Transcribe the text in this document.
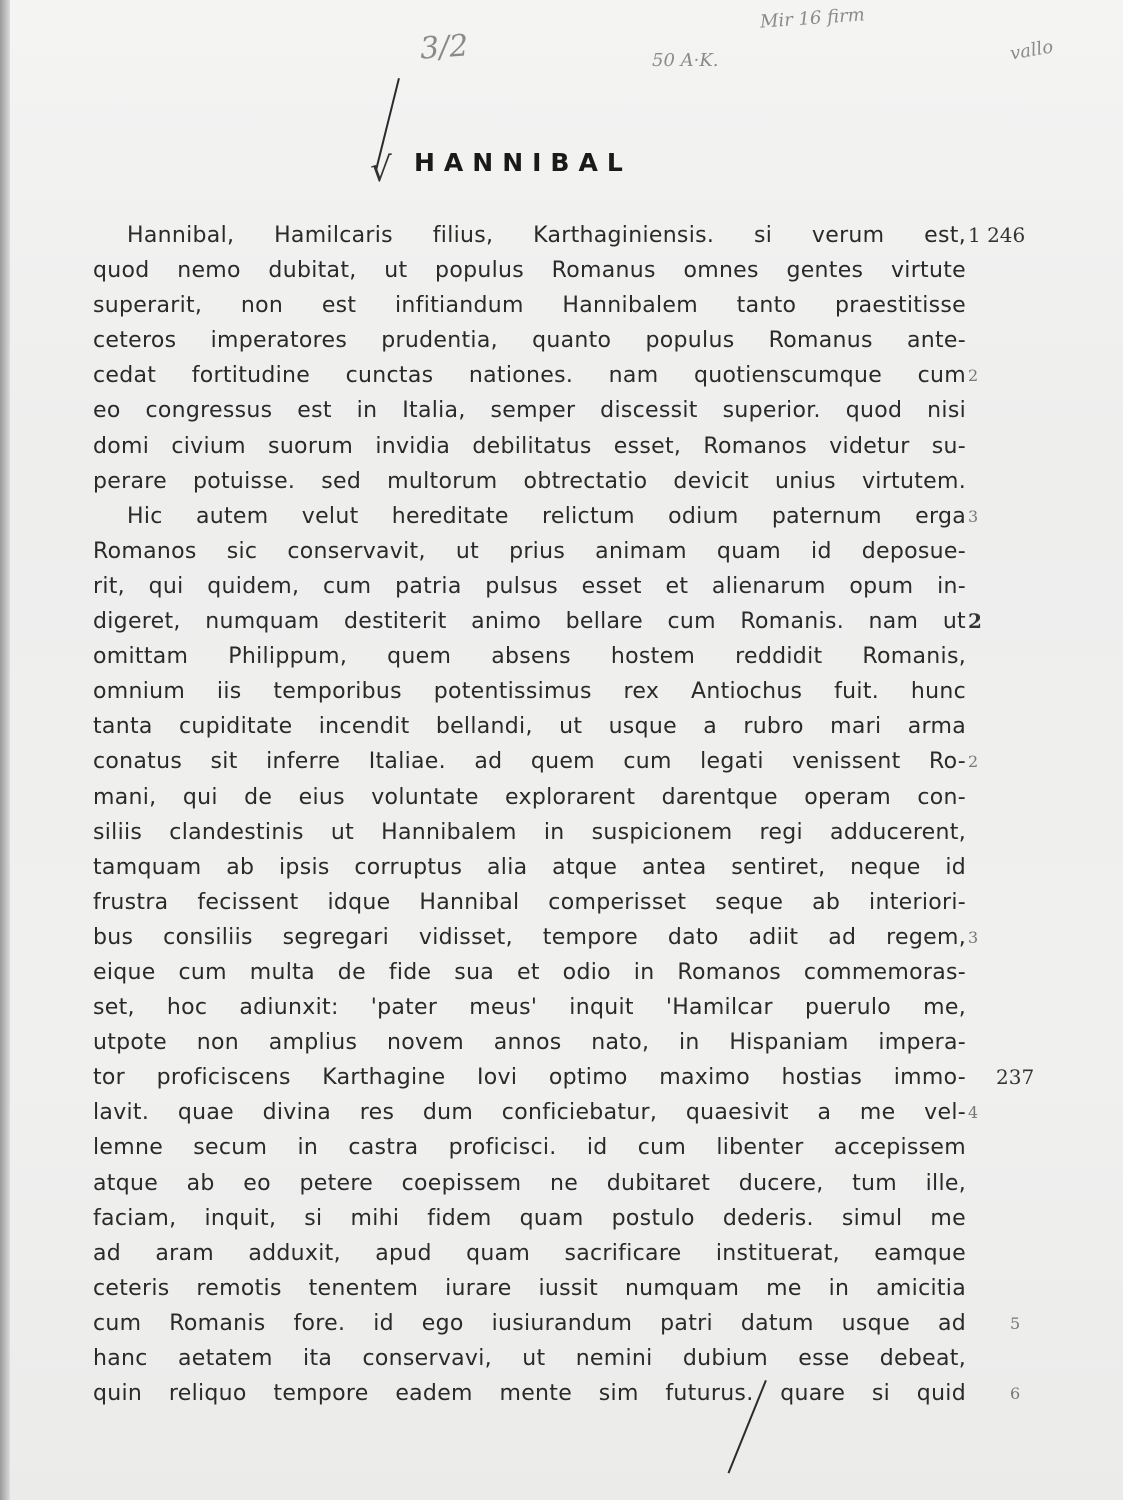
3/2	50 A·K.
Mir 16 firm
vallo
√ HANNIBAL
Hannibal, Hamilcaris filius, Karthaginiensis. si verum est,
quod nemo dubitat, ut populus Romanus omnes gentes virtute
superarit, non est infitiandum Hannibalem tanto praestitisse
ceteros imperatores prudentia, quanto populus Romanus ante-
cedat fortitudine cunctas nationes. nam quotienscumque cum
eo congressus est in Italia, semper discessit superior. quod nisi
domi civium suorum invidia debilitatus esset, Romanos videtur su-
perare potuisse. sed multorum obtrectatio devicit unius virtutem.
Hic autem velut hereditate relictum odium paternum erga
Romanos sic conservavit, ut prius animam quam id deposue-
rit, qui quidem, cum patria pulsus esset et alienarum opum in-
digeret, numquam destiterit animo bellare cum Romanis. nam ut
omittam Philippum, quem absens hostem reddidit Romanis,
omnium iis temporibus potentissimus rex Antiochus fuit. hunc
tanta cupiditate incendit bellandi, ut usque a rubro mari arma
conatus sit inferre Italiae. ad quem cum legati venissent Ro-
mani, qui de eius voluntate explorarent darentque operam con-
siliis clandestinis ut Hannibalem in suspicionem regi adducerent,
tamquam ab ipsis corruptus alia atque antea sentiret, neque id
frustra fecissent idque Hannibal comperisset seque ab interiori-
bus consiliis segregari vidisset, tempore dato adiit ad regem,
eique cum multa de fide sua et odio in Romanos commemoras-
set, hoc adiunxit: 'pater meus' inquit 'Hamilcar puerulo me,
utpote non amplius novem annos nato, in Hispaniam impera-
tor proficiscens Karthagine Iovi optimo maximo hostias immo-
lavit. quae divina res dum conficiebatur, quaesivit a me vel-
lemne secum in castra proficisci. id cum libenter accepissem
atque ab eo petere coepissem ne dubitaret ducere, tum ille,
faciam, inquit, si mihi fidem quam postulo dederis. simul me
ad aram adduxit, apud quam sacrificare instituerat, eamque
ceteris remotis tenentem iurare iussit numquam me in amicitia
cum Romanis fore. id ego iusiurandum patri datum usque ad
hanc aetatem ita conservavi, ut nemini dubium esse debeat,
quin reliquo tempore eadem mente sim futurus. quare si quid
1 246
2
3
2
2
3
237
4
5
6
